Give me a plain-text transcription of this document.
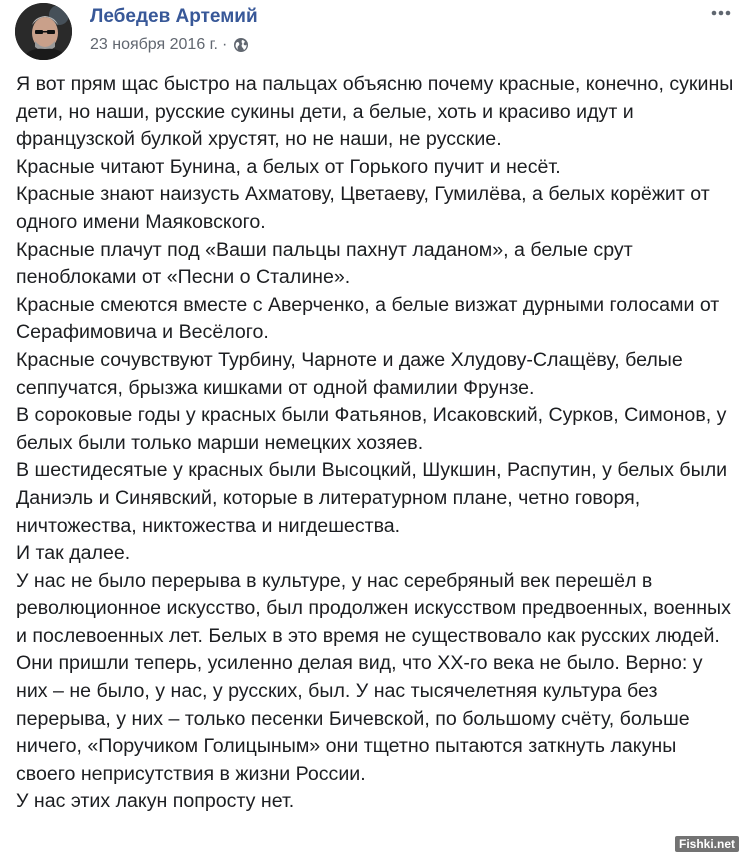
Лебедев Артемий
23 ноября 2016 г. ·

Я вот прям щас быстро на пальцах объясню почему красные, конечно, сукины дети, но наши, русские сукины дети, а белые, хоть и красиво идут и французской булкой хрустят, но не наши, не русские.

Красные читают Бунина, а белых от Горького пучит и несёт.

Красные знают наизусть Ахматову, Цветаеву, Гумилёва, а белых корёжит от одного имени Маяковского.

Красные плачут под «Ваши пальцы пахнут ладаном», а белые срут пеноблоками от «Песни о Сталине».

Красные смеются вместе с Аверченко, а белые визжат дурными голосами от Серафимовича и Весёлого.

Красные сочувствуют Турбину, Чарноте и даже Хлудову-Слащёву, белые сеппучатся, брызжа кишками от одной фамилии Фрунзе.

В сороковые годы у красных были Фатьянов, Исаковский, Сурков, Симонов, у белых были только марши немецких хозяев.

В шестидесятые у красных были Высоцкий, Шукшин, Распутин, у белых были Даниэль и Синявский, которые в литературном плане, четно говоря, ничтожества, никтожества и нигдешества.

И так далее.

У нас не было перерыва в культуре, у нас серебряный век перешёл в революционное искусство, был продолжен искусством предвоенных, военных и послевоенных лет. Белых в это время не существовало как русских людей. Они пришли теперь, усиленно делая вид, что XX-го века не было. Верно: у них – не было, у нас, у русских, был. У нас тысячелетняя культура без перерыва, у них – только песенки Бичевской, по большому счёту, больше ничего, «Поручиком Голицыным» они тщетно пытаются заткнуть лакуны своего неприсутствия в жизни России.

У нас этих лакун попросту нет.

Fishki.net
